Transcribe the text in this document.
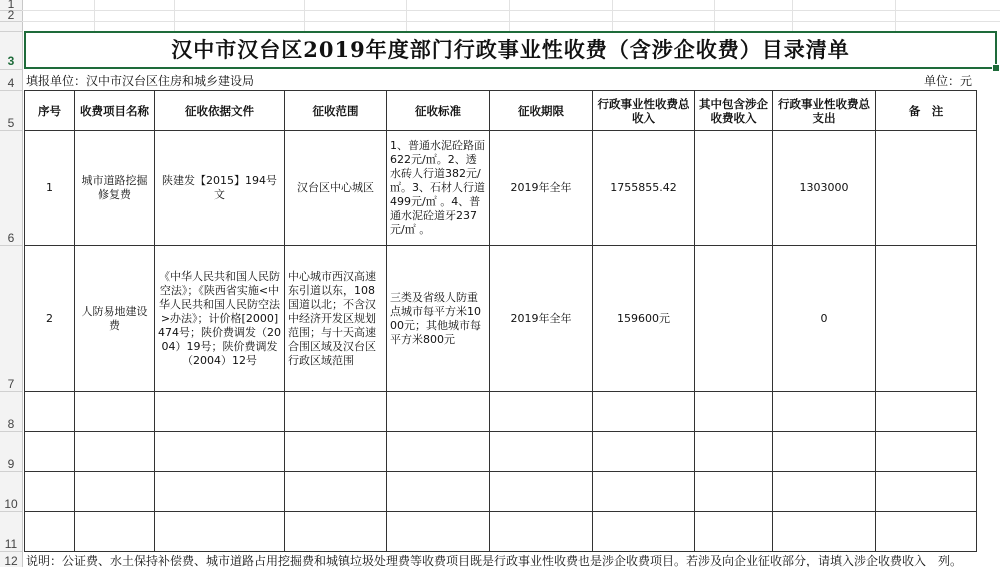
1
2
3
4
5
6
7
8
9
10
11
12
汉中市汉台区2019年度部门行政事业性收费（含涉企收费）目录清单
填报单位：汉中市汉台区住房和城乡建设局	单位：元
序号	收费项目名称	征收依据文件	征收范围	征收标准	征收期限	行政事业性收费总收入	其中包含涉企收费收入	行政事业性收费总支出	备　注
1	城市道路挖掘修复费	陕建发【2015】194号文	汉台区中心城区	1、普通水泥砼路面622元/㎡。2、透水砖人行道382元/㎡。3、石材人行道499元/㎡ 。4、普通水泥砼道牙237元/㎡ 。	2019年全年	1755855.42		1303000	
2	人防易地建设费	《中华人民共和国人民防空法》；《陕西省实施<中华人民共和国人民防空法>办法》；计价格[2000]474号；陕价费调发（2004）19号；陕价费调发（2004）12号	中心城市西汉高速东引道以东，108国道以北；不含汉中经济开发区规划范围；与十天高速合围区域及汉台区行政区域范围	三类及省级人防重点城市每平方米1000元；其他城市每平方米800元	2019年全年	159600元		0	

说明：公证费、水土保持补偿费、城市道路占用挖掘费和城镇垃圾处理费等收费项目既是行政事业性收费也是涉企收费项目。若涉及向企业征收部分，请填入涉企收费收入　列。
